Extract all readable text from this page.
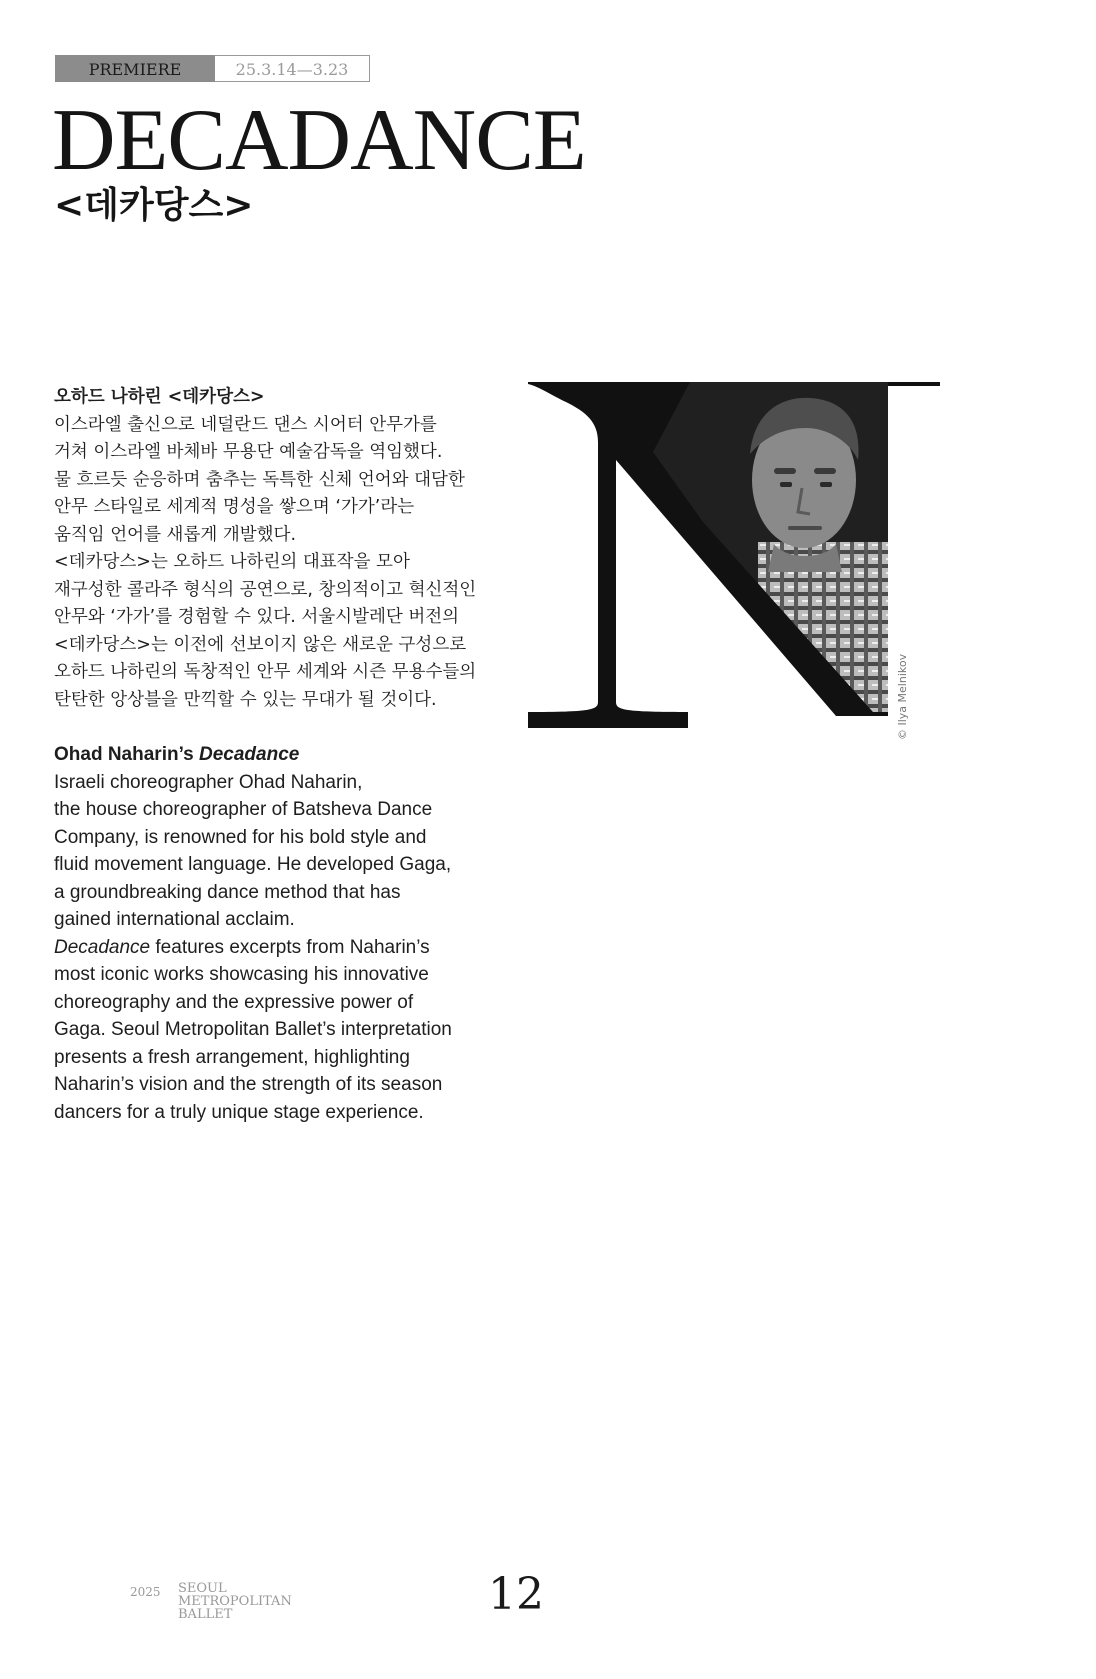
PREMIERE	25.3.14—3.23
DECADANCE
<데카당스>

오하드 나하린 <데카당스>

이스라엘 출신으로 네덜란드 댄스 시어터 안무가를

거쳐 이스라엘 바체바 무용단 예술감독을 역임했다.

물 흐르듯 순응하며 춤추는 독특한 신체 언어와 대담한

안무 스타일로 세계적 명성을 쌓으며 ‘가가’라는

움직임 언어를 새롭게 개발했다.

<데카당스>는 오하드 나하린의 대표작을 모아

재구성한 콜라주 형식의 공연으로, 창의적이고 혁신적인

안무와 ‘가가’를 경험할 수 있다. 서울시발레단 버전의

<데카당스>는 이전에 선보이지 않은 새로운 구성으로

오하드 나하린의 독창적인 안무 세계와 시즌 무용수들의

탄탄한 앙상블을 만끽할 수 있는 무대가 될 것이다.

Ohad Naharin’s Decadance

Israeli choreographer Ohad Naharin,

the house choreographer of Batsheva Dance

Company, is renowned for his bold style and

fluid movement language. He developed Gaga,

a groundbreaking dance method that has

gained international acclaim.

Decadance features excerpts from Naharin’s

most iconic works showcasing his innovative

choreography and the expressive power of

Gaga. Seoul Metropolitan Ballet’s interpretation

presents a fresh arrangement, highlighting

Naharin’s vision and the strength of its season

dancers for a truly unique stage experience.

© Ilya Melnikov
2025 SEOUL
METROPOLITAN
BALLET	12
